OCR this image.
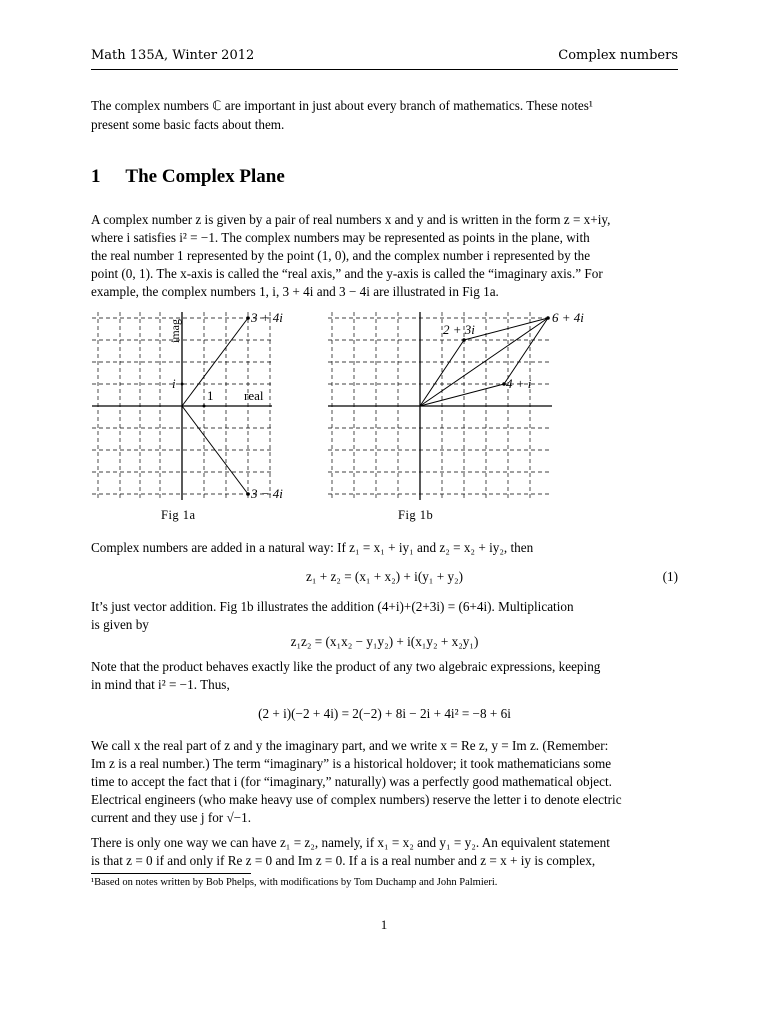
Math 135A, Winter 2012	Complex numbers

The complex numbers ℂ are important in just about every branch of mathematics. These notes¹

present some basic facts about them.

1 The Complex Plane

A complex number z is given by a pair of real numbers x and y and is written in the form z = x+iy,

where i satisfies i² = −1. The complex numbers may be represented as points in the plane, with

the real number 1 represented by the point (1, 0), and the complex number i represented by the

point (0, 1). The x-axis is called the “real axis,” and the y-axis is called the “imaginary axis.” For

example, the complex numbers 1, i, 3 + 4i and 3 − 4i are illustrated in Fig 1a.

3 + 4i
3 − 4i
i
1 real
imag
Fig 1a
2 + 3i
6 + 4i
4 + i
Fig 1b

Complex numbers are added in a natural way: If z₁ = x₁ + iy₁ and z₂ = x₂ + iy₂, then

z₁ + z₂ = (x₁ + x₂) + i(y₁ + y₂)	(1)

It’s just vector addition. Fig 1b illustrates the addition (4+i)+(2+3i) = (6+4i). Multiplication

is given by

z₁z₂ = (x₁x₂ − y₁y₂) + i(x₁y₂ + x₂y₁)

Note that the product behaves exactly like the product of any two algebraic expressions, keeping

in mind that i² = −1. Thus,

(2 + i)(−2 + 4i) = 2(−2) + 8i − 2i + 4i² = −8 + 6i

We call x the real part of z and y the imaginary part, and we write x = Re z, y = Im z. (Remember:

Im z is a real number.) The term “imaginary” is a historical holdover; it took mathematicians some

time to accept the fact that i (for “imaginary,” naturally) was a perfectly good mathematical object.

Electrical engineers (who make heavy use of complex numbers) reserve the letter i to denote electric

current and they use j for √−1.

There is only one way we can have z₁ = z₂, namely, if x₁ = x₂ and y₁ = y₂. An equivalent statement

is that z = 0 if and only if Re z = 0 and Im z = 0. If a is a real number and z = x + iy is complex,

¹Based on notes written by Bob Phelps, with modifications by Tom Duchamp and John Palmieri.
1
